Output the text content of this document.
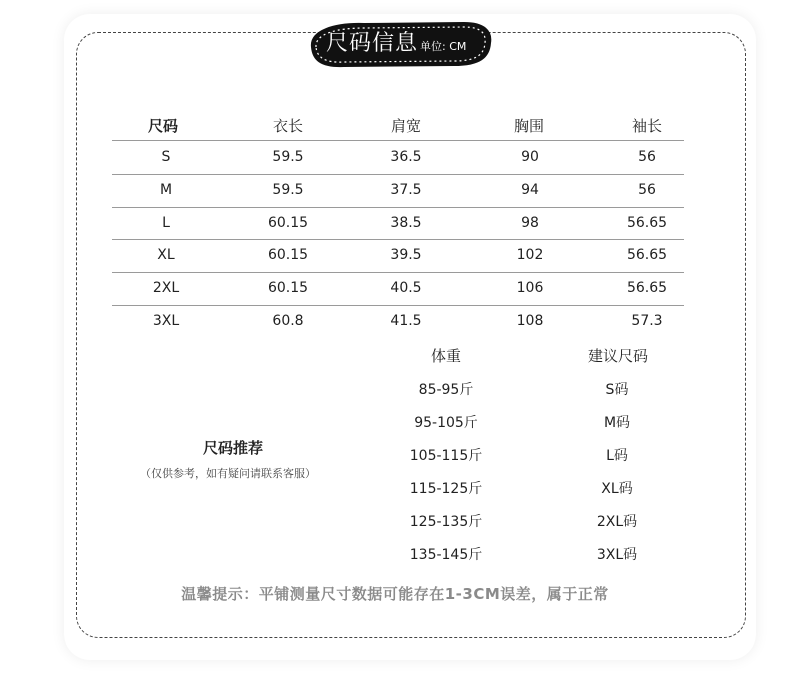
尺码信息 单位: CM
尺码	衣长	肩宽	胸围	袖长
S	59.5	36.5	90	56
M	59.5	37.5	94	56
L	60.15	38.5	98	56.65
XL	60.15	39.5	102	56.65
2XL	60.15	40.5	106	56.65
3XL	60.8	41.5	108	57.3
尺码推荐
（仅供参考，如有疑问请联系客服）
体重	建议尺码
85-95斤	S码
95-105斤	M码
105-115斤	L码
115-125斤	XL码
125-135斤	2XL码
135-145斤	3XL码
温馨提示：平铺测量尺寸数据可能存在1-3CM误差，属于正常
